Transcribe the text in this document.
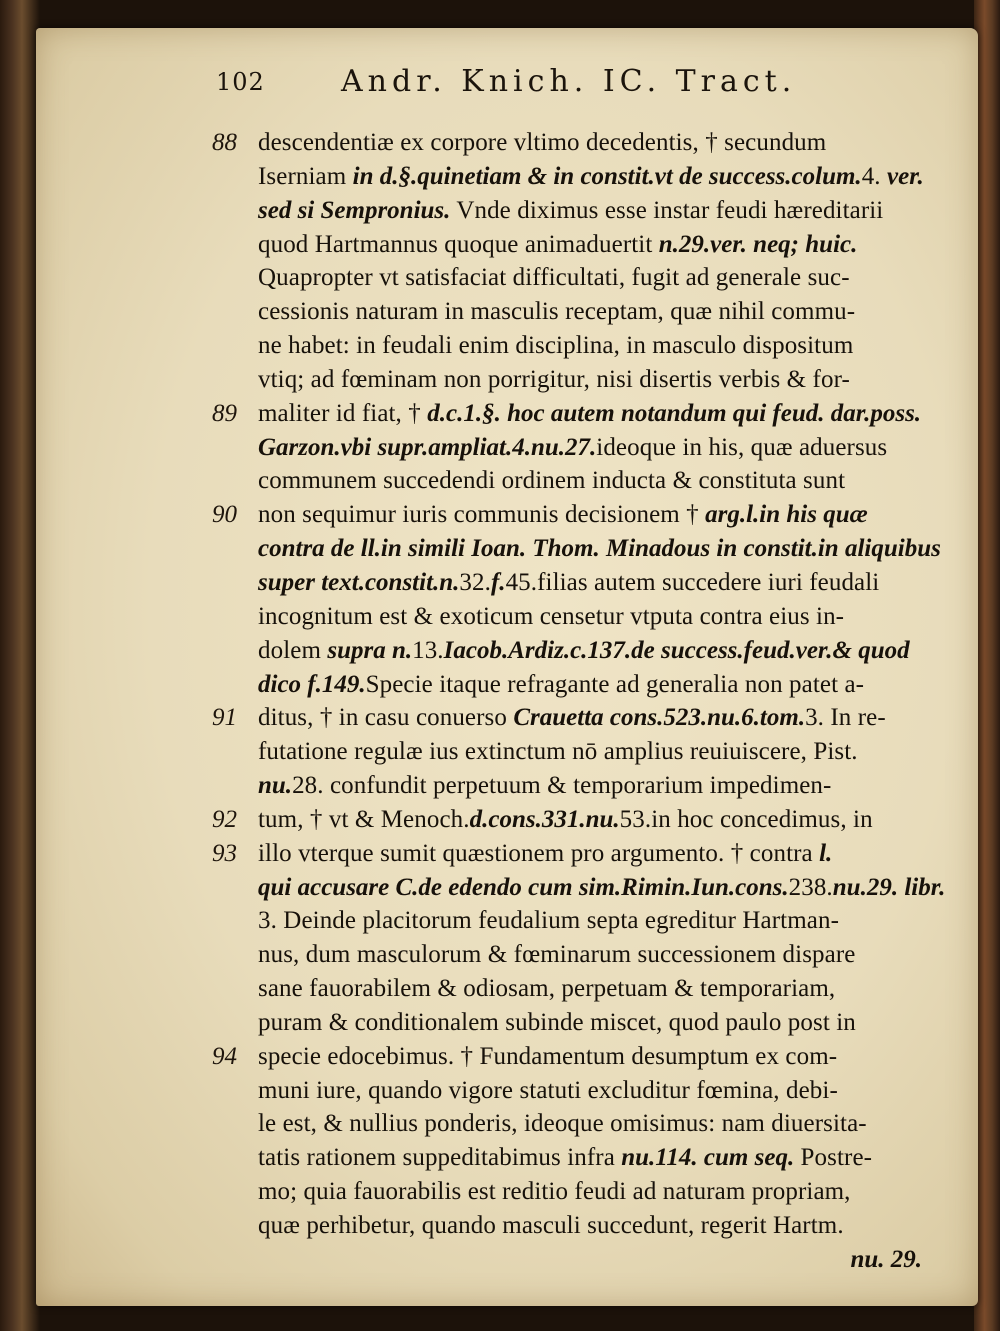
102	Andr. Knich. IC. Tract.
88 descendentiæ ex corpore vltimo decedentis, † secundum
Iserniam in d.§.quinetiam & in constit.vt de success.colum.4. ver.
sed si Sempronius. Vnde diximus esse instar feudi hæreditarii
quod Hartmannus quoque animaduertit n.29.ver. neq; huic.
Quapropter vt satisfaciat difficultati, fugit ad generale suc-
cessionis naturam in masculis receptam, quæ nihil commu-
ne habet: in feudali enim disciplina, in masculo dispositum
vtiq; ad fœminam non porrigitur, nisi disertis verbis & for-
89 maliter id fiat, † d.c.1.§. hoc autem notandum qui feud. dar.poss.
Garzon.vbi supr.ampliat.4.nu.27.ideoque in his, quæ aduersus
communem succedendi ordinem inducta & constituta sunt
90 non sequimur iuris communis decisionem † arg.l.in his quæ
contra de ll.in simili Ioan. Thom. Minadous in constit.in aliquibus
super text.constit.n.32.f.45.filias autem succedere iuri feudali
incognitum est & exoticum censetur vtputa contra eius in-
dolem supra n.13.Iacob.Ardiz.c.137.de success.feud.ver.& quod
dico f.149.Specie itaque refragante ad generalia non patet a-
91 ditus, † in casu conuerso Crauetta cons.523.nu.6.tom.3. In re-
futatione regulæ ius extinctum nō amplius reuiuiscere, Pist.
nu.28. confundit perpetuum & temporarium impedimen-
92 tum, † vt & Menoch.d.cons.331.nu.53.in hoc concedimus, in
93 illo vterque sumit quæstionem pro argumento. † contra l.
qui accusare C.de edendo cum sim.Rimin.Iun.cons.238.nu.29. libr.
3. Deinde placitorum feudalium septa egreditur Hartman-
nus, dum masculorum & fœminarum successionem dispare
sane fauorabilem & odiosam, perpetuam & temporariam,
puram & conditionalem subinde miscet, quod paulo post in
94 specie edocebimus. † Fundamentum desumptum ex com-
muni iure, quando vigore statuti excluditur fœmina, debi-
le est, & nullius ponderis, ideoque omisimus: nam diuersita-
tatis rationem suppeditabimus infra nu.114. cum seq. Postre-
mo; quia fauorabilis est reditio feudi ad naturam propriam,
quæ perhibetur, quando masculi succedunt, regerit Hartm.
nu. 29.
